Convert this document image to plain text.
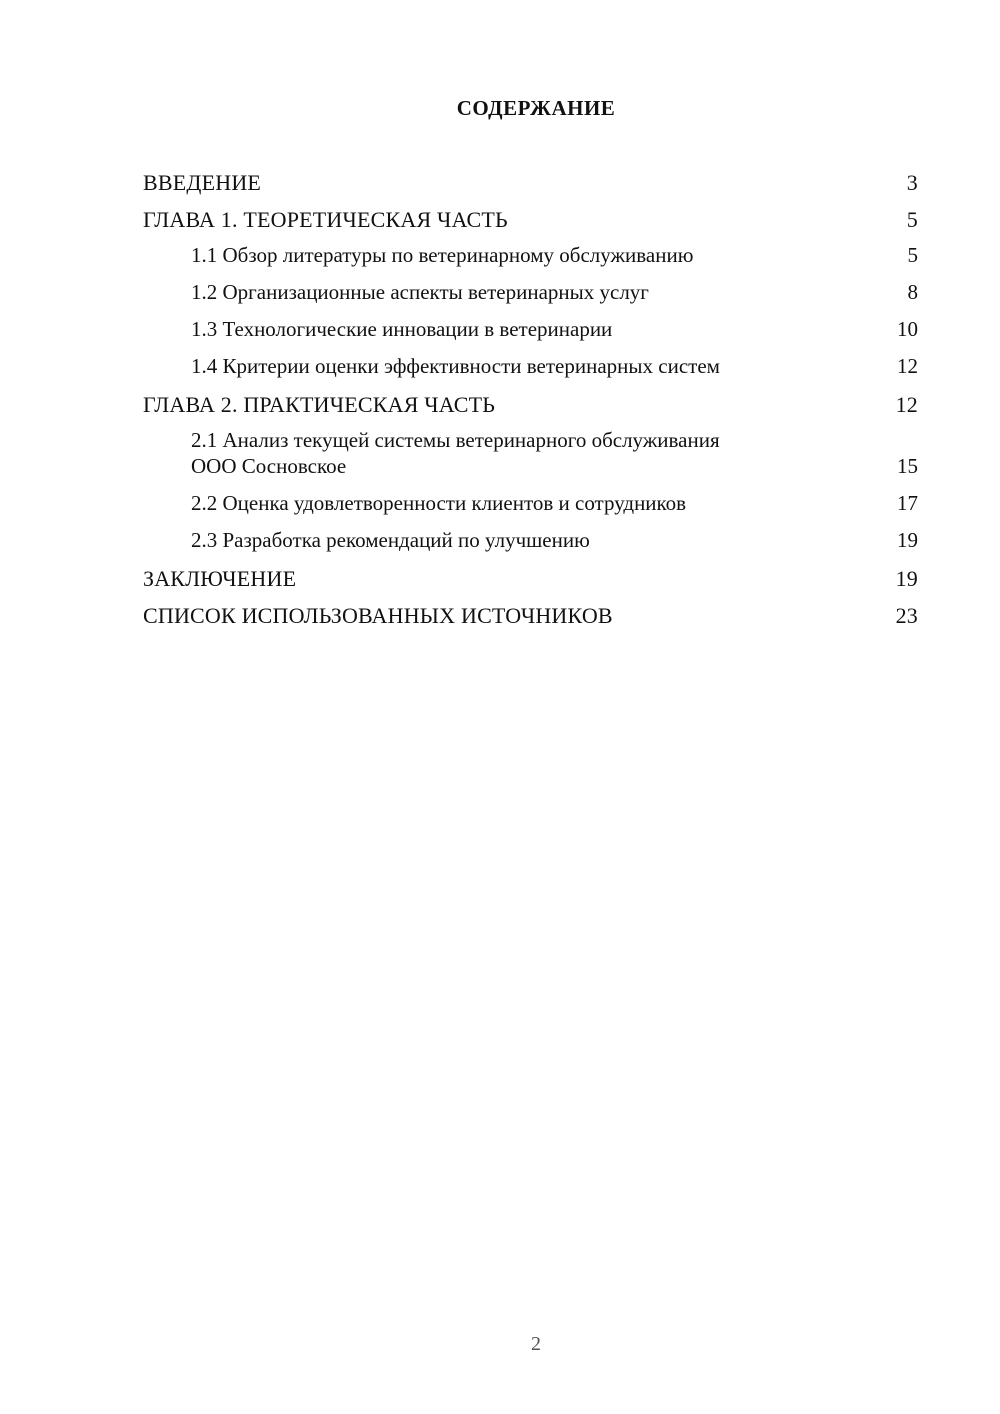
СОДЕРЖАНИЕ
ВВЕДЕНИЕ	3
ГЛАВА 1. ТЕОРЕТИЧЕСКАЯ ЧАСТЬ	5
1.1 Обзор литературы по ветеринарному обслуживанию	5
1.2 Организационные аспекты ветеринарных услуг	8
1.3 Технологические инновации в ветеринарии	10
1.4 Критерии оценки эффективности ветеринарных систем	12
ГЛАВА 2. ПРАКТИЧЕСКАЯ ЧАСТЬ	12
2.1 Анализ текущей системы ветеринарного обслуживания
ООО Сосновское	15
2.2 Оценка удовлетворенности клиентов и сотрудников	17
2.3 Разработка рекомендаций по улучшению	19
ЗАКЛЮЧЕНИЕ	19
СПИСОК ИСПОЛЬЗОВАННЫХ ИСТОЧНИКОВ	23
2
